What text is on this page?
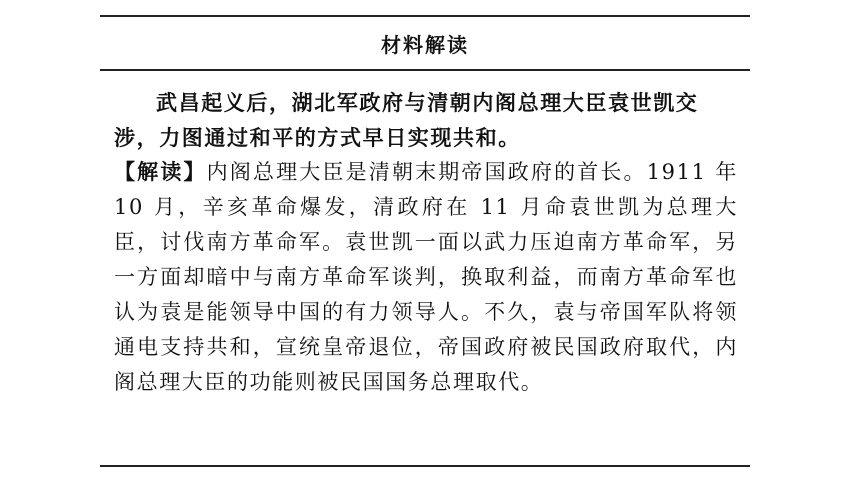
材料解读

武昌起义后，湖北军政府与清朝内阁总理大臣袁世凯交涉，力图通过和平的方式早日实现共和。

【解读】内阁总理大臣是清朝末期帝国政府的首长。1911 年 10 月，辛亥革命爆发，清政府在 11 月命袁世凯为总理大臣，讨伐南方革命军。袁世凯一面以武力压迫南方革命军，另一方面却暗中与南方革命军谈判，换取利益，而南方革命军也认为袁是能领导中国的有力领导人。不久，袁与帝国军队将领通电支持共和，宣统皇帝退位，帝国政府被民国政府取代，内阁总理大臣的功能则被民国国务总理取代。
